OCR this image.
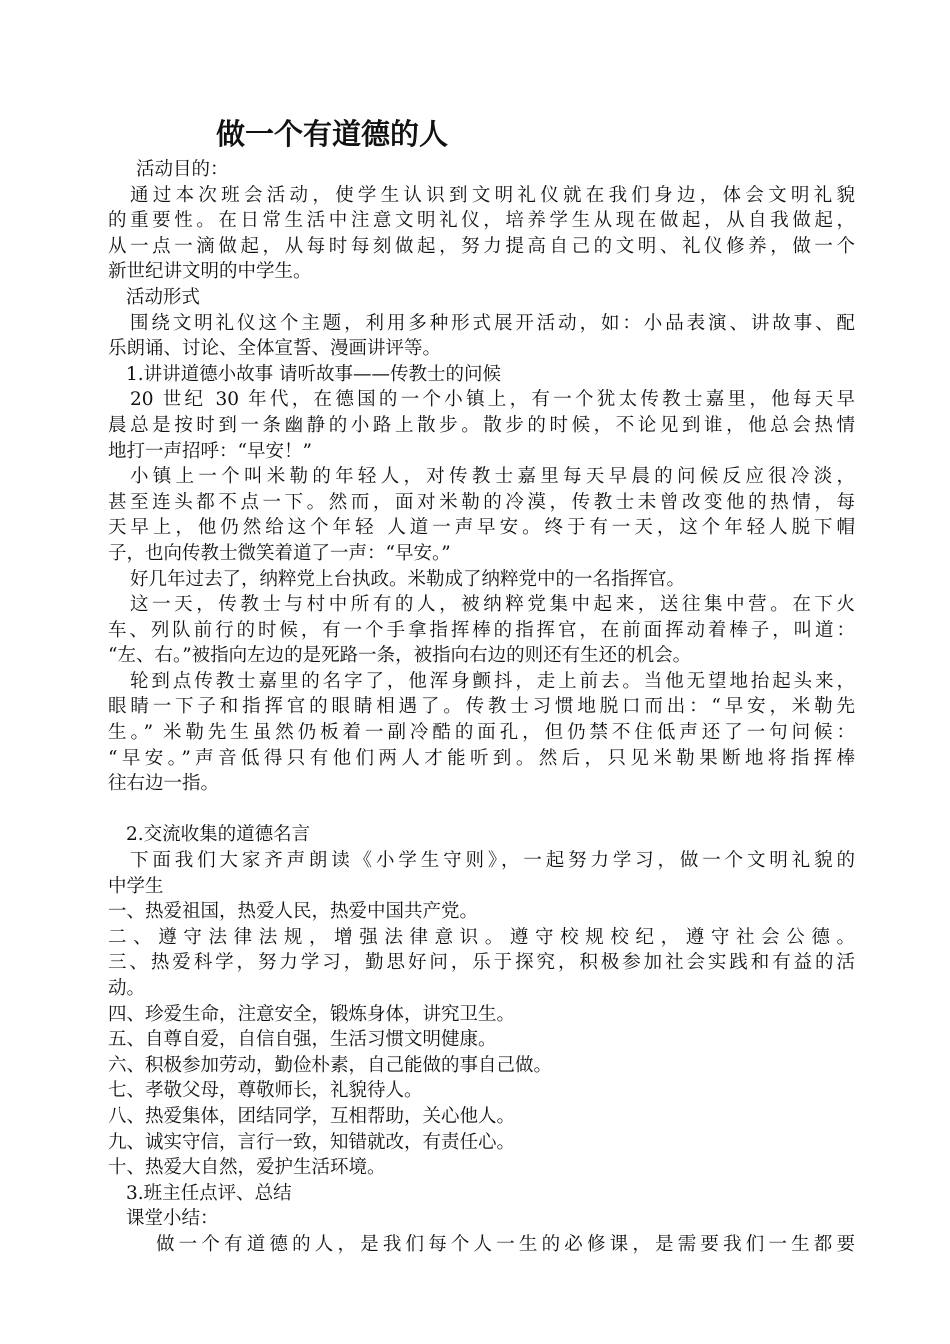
做一个有道德的人
活动目的：
通过本次班会活动，使学生认识到文明礼仪就在我们身边，体会文明礼貌
的重要性。在日常生活中注意文明礼仪，培养学生从现在做起，从自我做起，
从一点一滴做起，从每时每刻做起，努力提高自己的文明、礼仪修养，做一个
新世纪讲文明的中学生。
活动形式
围绕文明礼仪这个主题，利用多种形式展开活动，如：小品表演、讲故事、配
乐朗诵、讨论、全体宣誓、漫画讲评等。
1.讲讲道德小故事 请听故事——传教士的问候
20 世纪 30 年代，在德国的一个小镇上，有一个犹太传教士嘉里，他每天早
晨总是按时到一条幽静的小路上散步。散步的时候，不论见到谁，他总会热情
地打一声招呼：“早安！”
小镇上一个叫米勒的年轻人，对传教士嘉里每天早晨的问候反应很冷淡，
甚至连头都不点一下。然而，面对米勒的冷漠，传教士未曾改变他的热情，每
天早上，他仍然给这个年轻 人道一声早安。终于有一天，这个年轻人脱下帽
子，也向传教士微笑着道了一声：“早安。”
好几年过去了，纳粹党上台执政。米勒成了纳粹党中的一名指挥官。
这一天，传教士与村中所有的人，被纳粹党集中起来，送往集中营。在下火
车、列队前行的时候，有一个手拿指挥棒的指挥官，在前面挥动着棒子，叫道：
“左、右。”被指向左边的是死路一条，被指向右边的则还有生还的机会。
轮到点传教士嘉里的名字了，他浑身颤抖，走上前去。当他无望地抬起头来，
眼睛一下子和指挥官的眼睛相遇了。传教士习惯地脱口而出：“早安，米勒先
生。” 米勒先生虽然仍板着一副冷酷的面孔，但仍禁不住低声还了一句问候：
“早安。”声音低得只有他们两人才能听到。然后，只见米勒果断地将指挥棒
往右边一指。
2.交流收集的道德名言
下面我们大家齐声朗读《小学生守则》，一起努力学习，做一个文明礼貌的
中学生
一、热爱祖国，热爱人民，热爱中国共产党。
二、遵守法律法规，增强法律意识。遵守校规校纪，遵守社会公德。
三、热爱科学，努力学习，勤思好问，乐于探究，积极参加社会实践和有益的活
动。
四、珍爱生命，注意安全，锻炼身体，讲究卫生。
五、自尊自爱，自信自强，生活习惯文明健康。
六、积极参加劳动，勤俭朴素，自己能做的事自己做。
七、孝敬父母，尊敬师长，礼貌待人。
八、热爱集体，团结同学，互相帮助，关心他人。
九、诚实守信，言行一致，知错就改，有责任心。
十、热爱大自然，爱护生活环境。
3.班主任点评、总结
课堂小结：
做一个有道德的人，是我们每个人一生的必修课，是需要我们一生都要
